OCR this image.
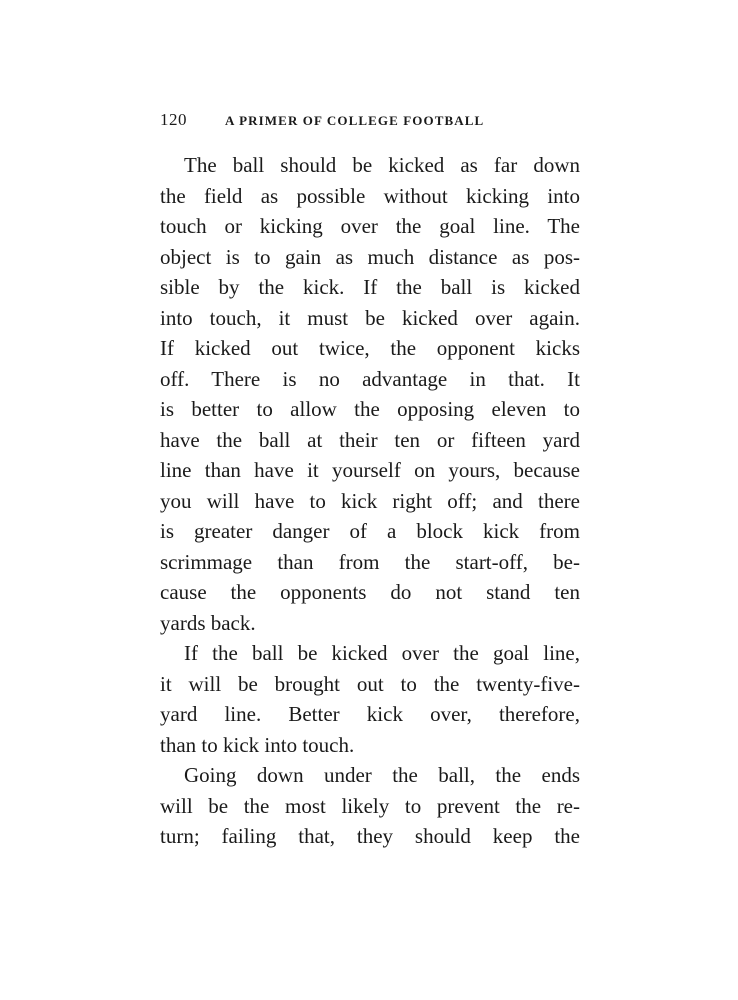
120	A PRIMER OF COLLEGE FOOTBALL
The ball should be kicked as far down
the field as possible without kicking into
touch or kicking over the goal line. The
object is to gain as much distance as pos-
sible by the kick. If the ball is kicked
into touch, it must be kicked over again.
If kicked out twice, the opponent kicks
off. There is no advantage in that. It
is better to allow the opposing eleven to
have the ball at their ten or fifteen yard
line than have it yourself on yours, because
you will have to kick right off; and there
is greater danger of a block kick from
scrimmage than from the start-off, be-
cause the opponents do not stand ten
yards back.
If the ball be kicked over the goal line,
it will be brought out to the twenty-five-
yard line. Better kick over, therefore,
than to kick into touch.
Going down under the ball, the ends
will be the most likely to prevent the re-
turn; failing that, they should keep the
